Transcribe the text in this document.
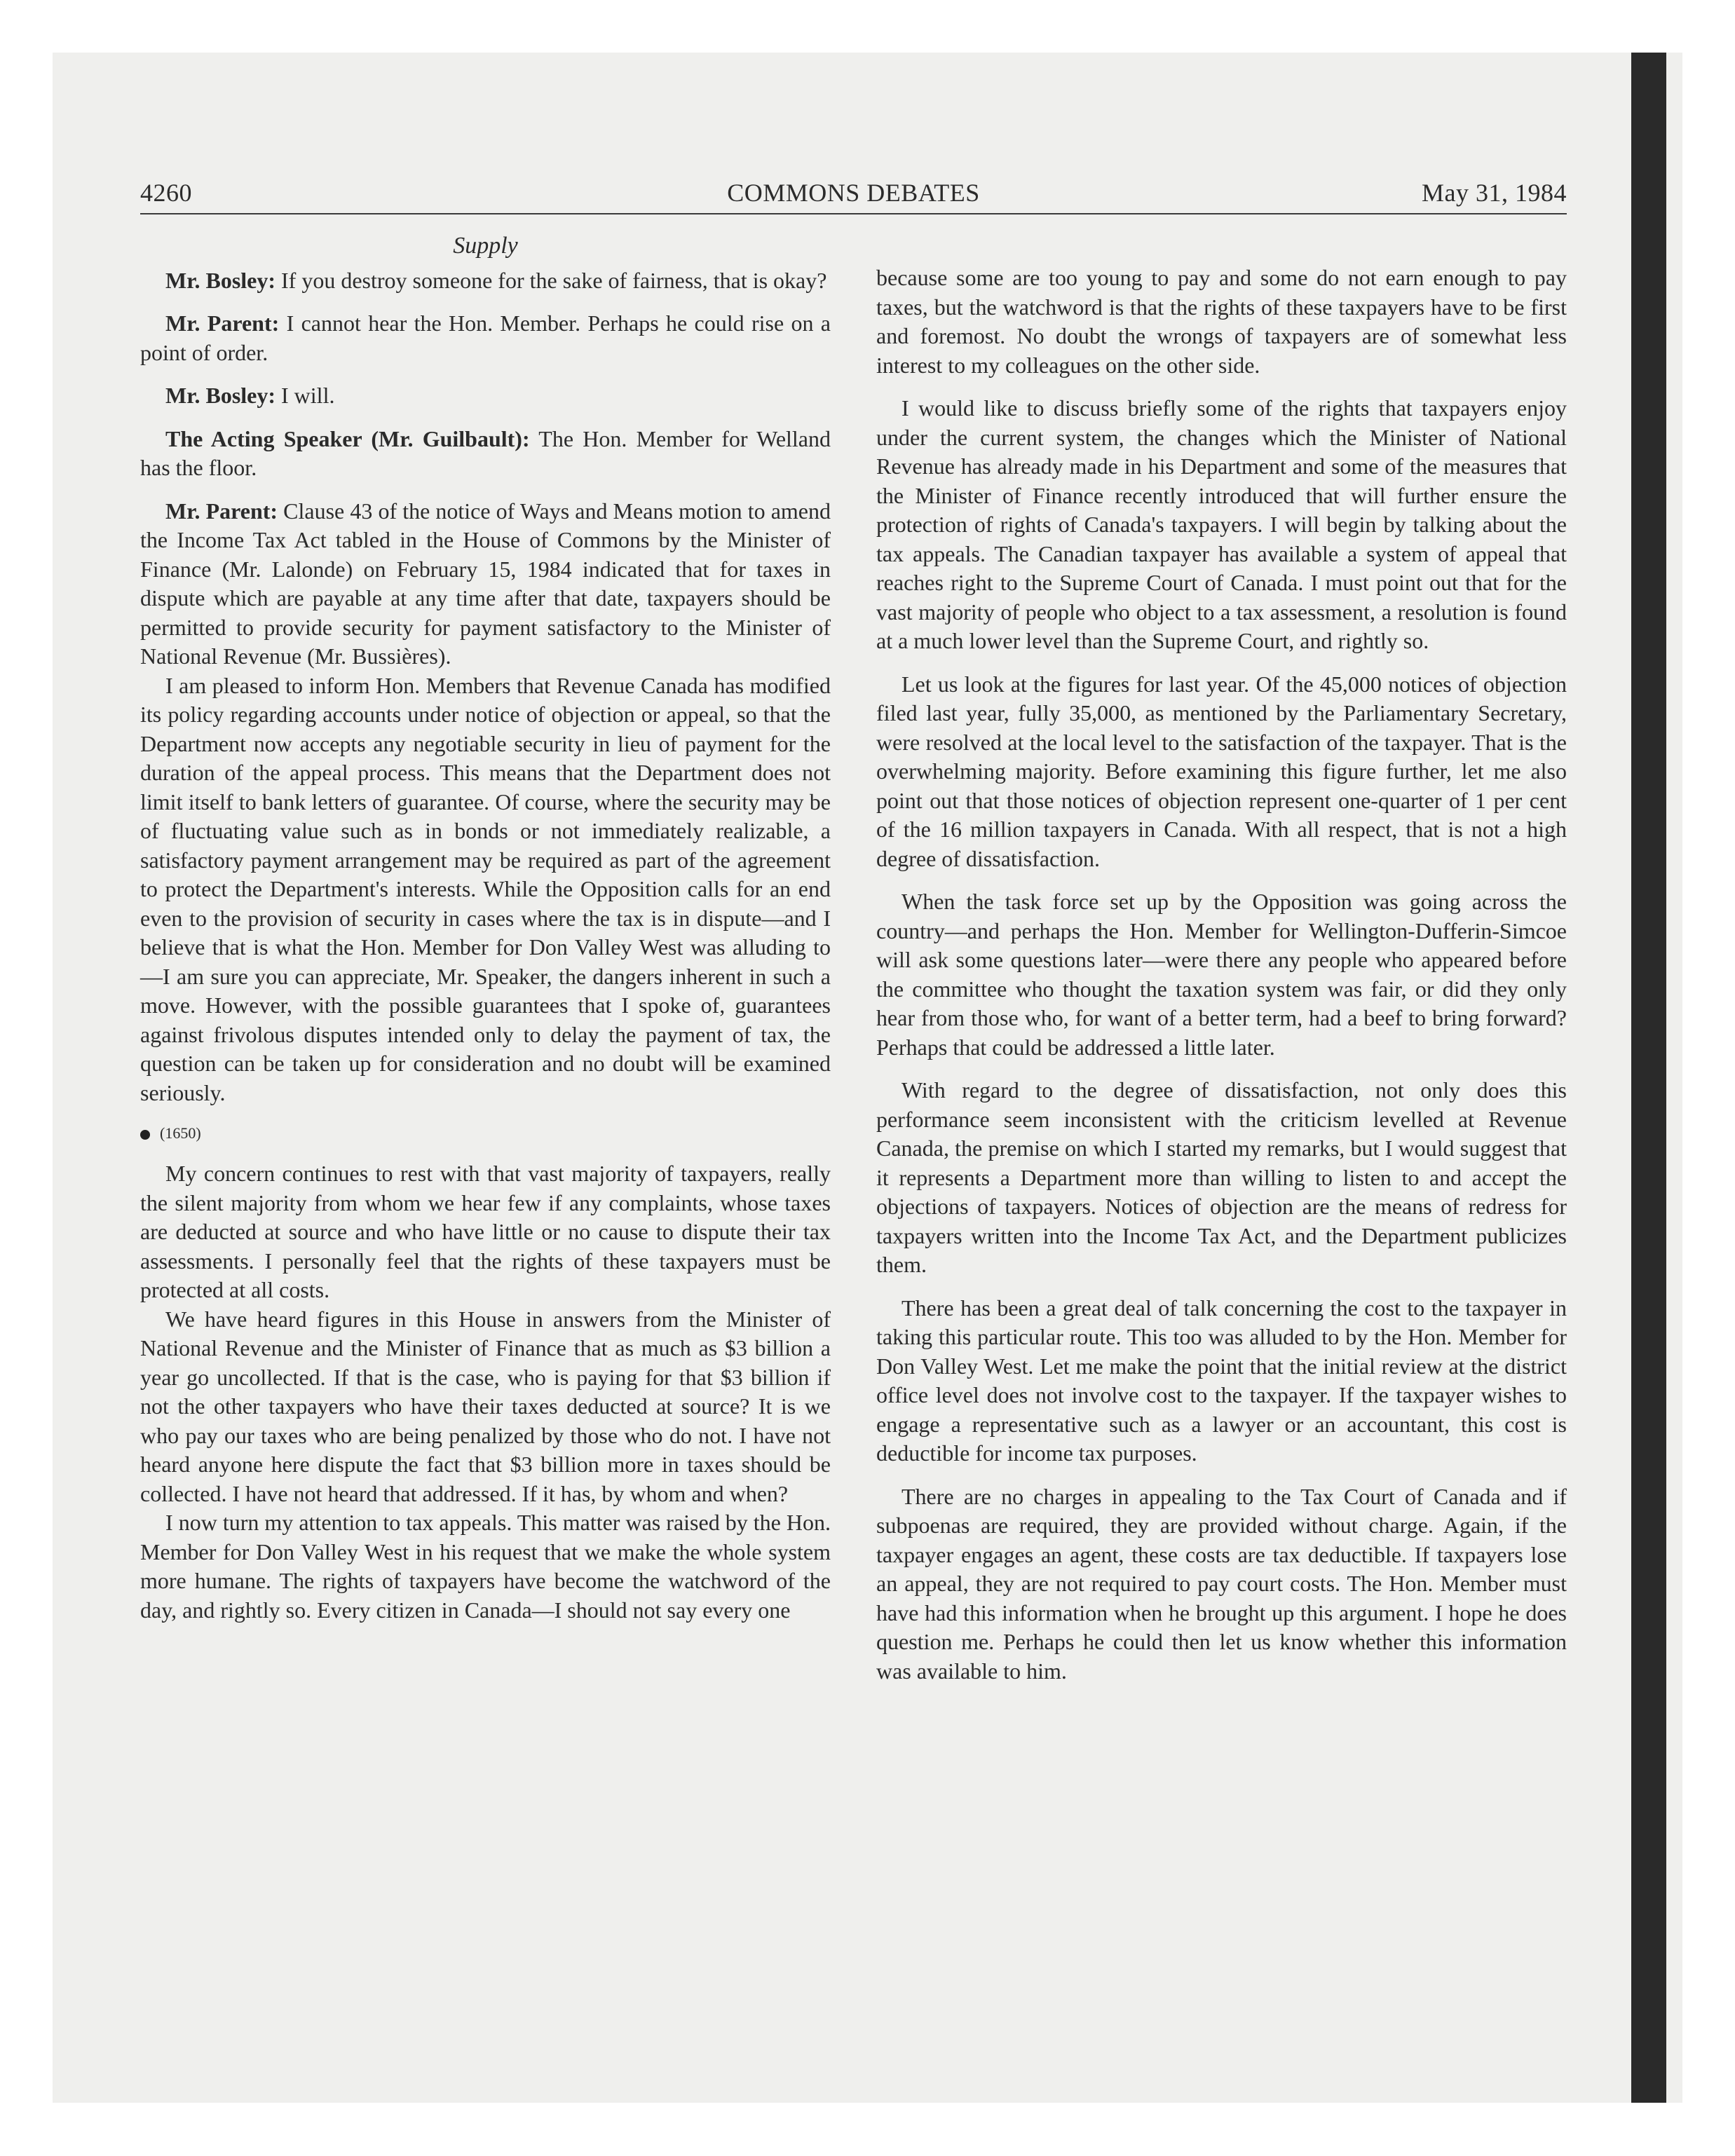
4260	COMMONS DEBATES	May 31, 1984
Supply

Mr. Bosley: If you destroy someone for the sake of fairness, that is okay?

Mr. Parent: I cannot hear the Hon. Member. Perhaps he could rise on a point of order.

Mr. Bosley: I will.

The Acting Speaker (Mr. Guilbault): The Hon. Member for Welland has the floor.

Mr. Parent: Clause 43 of the notice of Ways and Means motion to amend the Income Tax Act tabled in the House of Commons by the Minister of Finance (Mr. Lalonde) on February 15, 1984 indicated that for taxes in dispute which are payable at any time after that date, taxpayers should be permitted to provide security for payment satisfactory to the Minister of National Revenue (Mr. Bussières).

I am pleased to inform Hon. Members that Revenue Canada has modified its policy regarding accounts under notice of objection or appeal, so that the Department now accepts any negotiable security in lieu of payment for the duration of the appeal process. This means that the Department does not limit itself to bank letters of guarantee. Of course, where the security may be of fluctuating value such as in bonds or not immediately realizable, a satisfactory payment arrangement may be required as part of the agreement to protect the Department's interests. While the Opposition calls for an end even to the provision of security in cases where the tax is in dispute—and I believe that is what the Hon. Member for Don Valley West was alluding to—I am sure you can appreciate, Mr. Speaker, the dangers inherent in such a move. However, with the possible guarantees that I spoke of, guarantees against frivolous disputes intended only to delay the payment of tax, the question can be taken up for consideration and no doubt will be examined seriously.

(1650)

My concern continues to rest with that vast majority of taxpayers, really the silent majority from whom we hear few if any complaints, whose taxes are deducted at source and who have little or no cause to dispute their tax assessments. I personally feel that the rights of these taxpayers must be protected at all costs.

We have heard figures in this House in answers from the Minister of National Revenue and the Minister of Finance that as much as $3 billion a year go uncollected. If that is the case, who is paying for that $3 billion if not the other taxpayers who have their taxes deducted at source? It is we who pay our taxes who are being penalized by those who do not. I have not heard anyone here dispute the fact that $3 billion more in taxes should be collected. I have not heard that addressed. If it has, by whom and when?

I now turn my attention to tax appeals. This matter was raised by the Hon. Member for Don Valley West in his request that we make the whole system more humane. The rights of taxpayers have become the watchword of the day, and rightly so. Every citizen in Canada—I should not say every one

because some are too young to pay and some do not earn enough to pay taxes, but the watchword is that the rights of these taxpayers have to be first and foremost. No doubt the wrongs of taxpayers are of somewhat less interest to my colleagues on the other side.

I would like to discuss briefly some of the rights that taxpayers enjoy under the current system, the changes which the Minister of National Revenue has already made in his Department and some of the measures that the Minister of Finance recently introduced that will further ensure the protection of rights of Canada's taxpayers. I will begin by talking about the tax appeals. The Canadian taxpayer has available a system of appeal that reaches right to the Supreme Court of Canada. I must point out that for the vast majority of people who object to a tax assessment, a resolution is found at a much lower level than the Supreme Court, and rightly so.

Let us look at the figures for last year. Of the 45,000 notices of objection filed last year, fully 35,000, as mentioned by the Parliamentary Secretary, were resolved at the local level to the satisfaction of the taxpayer. That is the overwhelming majority. Before examining this figure further, let me also point out that those notices of objection represent one-quarter of 1 per cent of the 16 million taxpayers in Canada. With all respect, that is not a high degree of dissatisfaction.

When the task force set up by the Opposition was going across the country—and perhaps the Hon. Member for Wellington-Dufferin-Simcoe will ask some questions later—were there any people who appeared before the committee who thought the taxation system was fair, or did they only hear from those who, for want of a better term, had a beef to bring forward? Perhaps that could be addressed a little later.

With regard to the degree of dissatisfaction, not only does this performance seem inconsistent with the criticism levelled at Revenue Canada, the premise on which I started my remarks, but I would suggest that it represents a Department more than willing to listen to and accept the objections of taxpayers. Notices of objection are the means of redress for taxpayers written into the Income Tax Act, and the Department publicizes them.

There has been a great deal of talk concerning the cost to the taxpayer in taking this particular route. This too was alluded to by the Hon. Member for Don Valley West. Let me make the point that the initial review at the district office level does not involve cost to the taxpayer. If the taxpayer wishes to engage a representative such as a lawyer or an accountant, this cost is deductible for income tax purposes.

There are no charges in appealing to the Tax Court of Canada and if subpoenas are required, they are provided without charge. Again, if the taxpayer engages an agent, these costs are tax deductible. If taxpayers lose an appeal, they are not required to pay court costs. The Hon. Member must have had this information when he brought up this argument. I hope he does question me. Perhaps he could then let us know whether this information was available to him.
